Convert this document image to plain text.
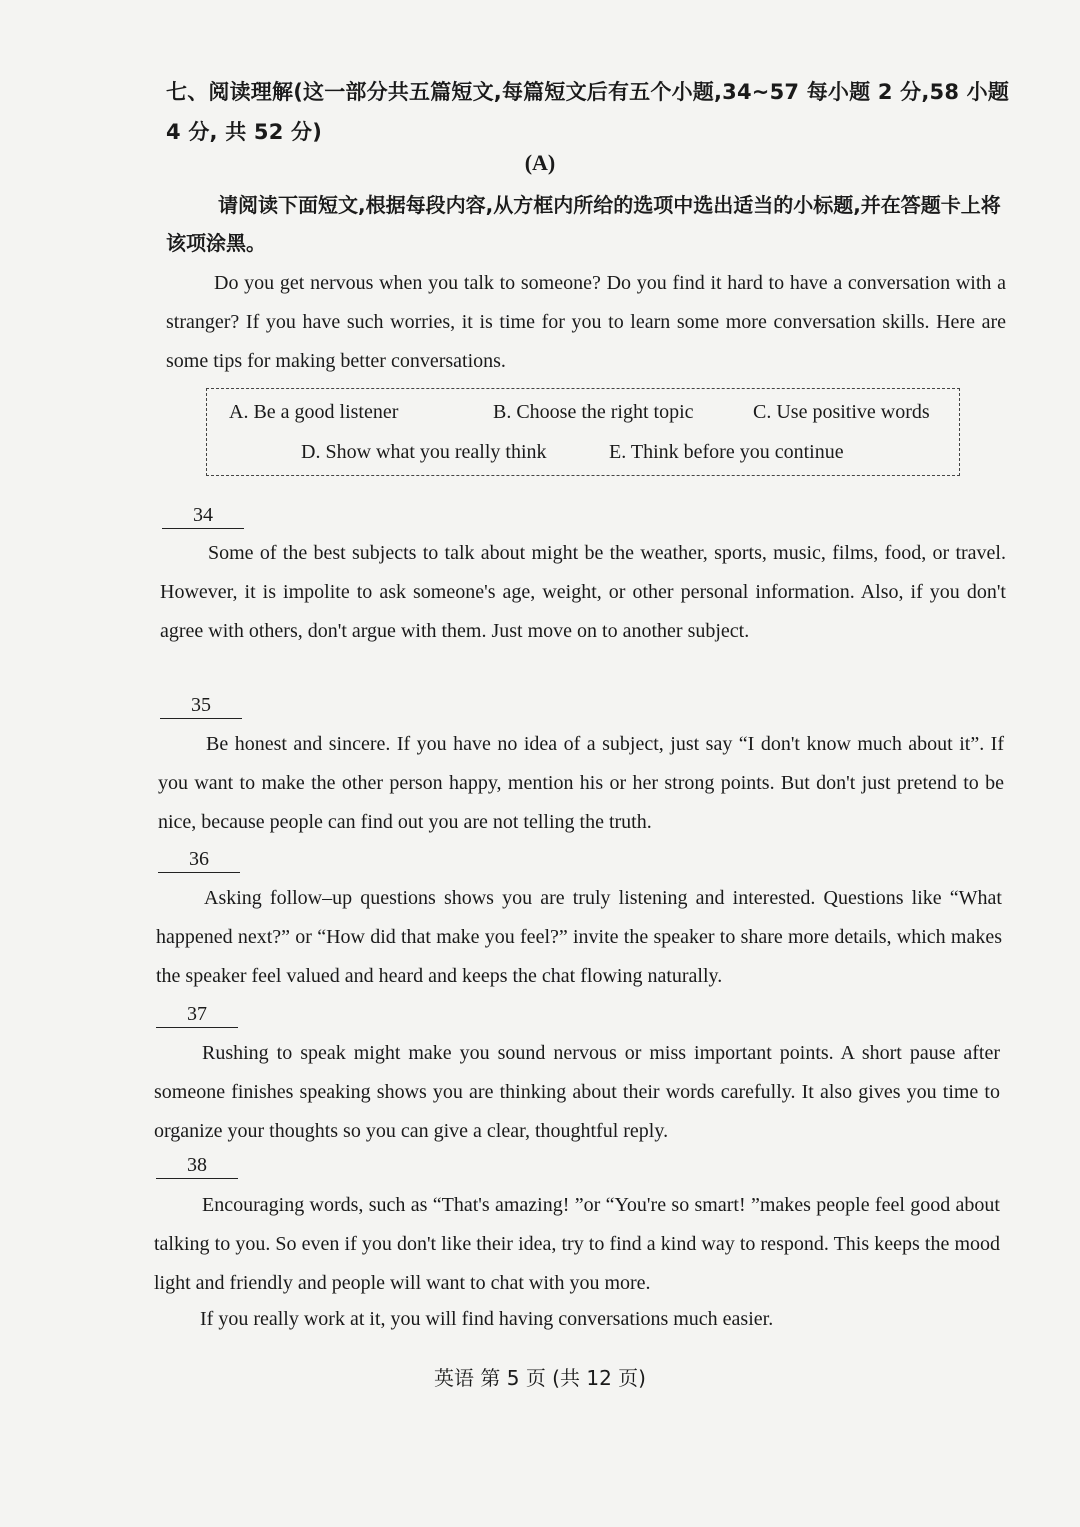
七、阅读理解(这一部分共五篇短文,每篇短文后有五个小题,34~57 每小题 2 分,58 小题 4 分, 共 52 分)
(A)
请阅读下面短文,根据每段内容,从方框内所给的选项中选出适当的小标题,并在答题卡上将该项涂黑。
Do you get nervous when you talk to someone? Do you find it hard to have a conversation with a stranger? If you have such worries, it is time for you to learn some more conversation skills. Here are some tips for making better conversations.
A. Be a good listener	B. Choose the right topic	C. Use positive words
D. Show what you really think	E. Think before you continue
34
Some of the best subjects to talk about might be the weather, sports, music, films, food, or travel. However, it is impolite to ask someone's age, weight, or other personal information. Also, if you don't agree with others, don't argue with them. Just move on to another subject.
35
Be honest and sincere. If you have no idea of a subject, just say “I don't know much about it”. If you want to make the other person happy, mention his or her strong points. But don't just pretend to be nice, because people can find out you are not telling the truth.
36
Asking follow–up questions shows you are truly listening and interested. Questions like “What happened next?” or “How did that make you feel?” invite the speaker to share more details, which makes the speaker feel valued and heard and keeps the chat flowing naturally.
37
Rushing to speak might make you sound nervous or miss important points. A short pause after someone finishes speaking shows you are thinking about their words carefully. It also gives you time to organize your thoughts so you can give a clear, thoughtful reply.
38
Encouraging words, such as “That's amazing! ”or “You're so smart! ”makes people feel good about talking to you. So even if you don't like their idea, try to find a kind way to respond. This keeps the mood light and friendly and people will want to chat with you more.
If you really work at it, you will find having conversations much easier.
英语 第 5 页 (共 12 页)
